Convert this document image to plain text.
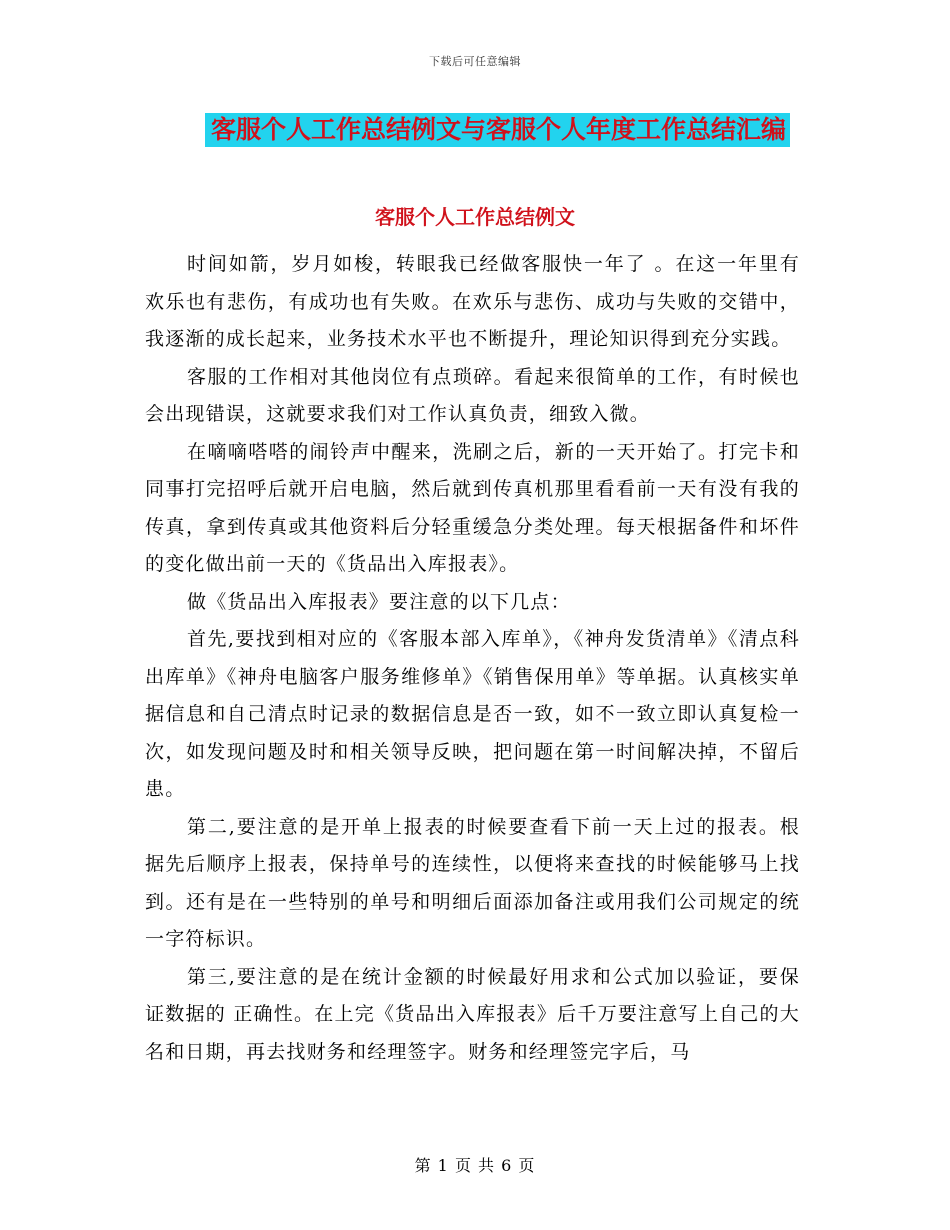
下载后可任意编辑
客服个人工作总结例文与客服个人年度工作总结汇编
客服个人工作总结例文

时间如箭，岁月如梭，转眼我已经做客服快一年了 。在这一年里有欢乐也有悲伤，有成功也有失败。在欢乐与悲伤、成功与失败的交错中，我逐渐的成长起来，业务技术水平也不断提升，理论知识得到充分实践。

客服的工作相对其他岗位有点琐碎。看起来很简单的工作，有时候也会出现错误，这就要求我们对工作认真负责，细致入微。

在嘀嘀嗒嗒的闹铃声中醒来，洗刷之后，新的一天开始了。打完卡和同事打完招呼后就开启电脑，然后就到传真机那里看看前一天有没有我的传真，拿到传真或其他资料后分轻重缓急分类处理。每天根据备件和坏件的变化做出前一天的《货品出入库报表》。

做《货品出入库报表》要注意的以下几点：

首先,要找到相对应的《客服本部入库单》，《神舟发货清单》《清点科出库单》《神舟电脑客户服务维修单》《销售保用单》等单据。认真核实单据信息和自己清点时记录的数据信息是否一致，如不一致立即认真复检一次，如发现问题及时和相关领导反映，把问题在第一时间解决掉，不留后患。

第二,要注意的是开单上报表的时候要查看下前一天上过的报表。根据先后顺序上报表，保持单号的连续性，以便将来查找的时候能够马上找到。还有是在一些特别的单号和明细后面添加备注或用我们公司规定的统一字符标识。

第三,要注意的是在统计金额的时候最好用求和公式加以验证，要保证数据的 正确性。在上完《货品出入库报表》后千万要注意写上自己的大名和日期，再去找财务和经理签字。财务和经理签完字后，马

第 1 页 共 6 页
